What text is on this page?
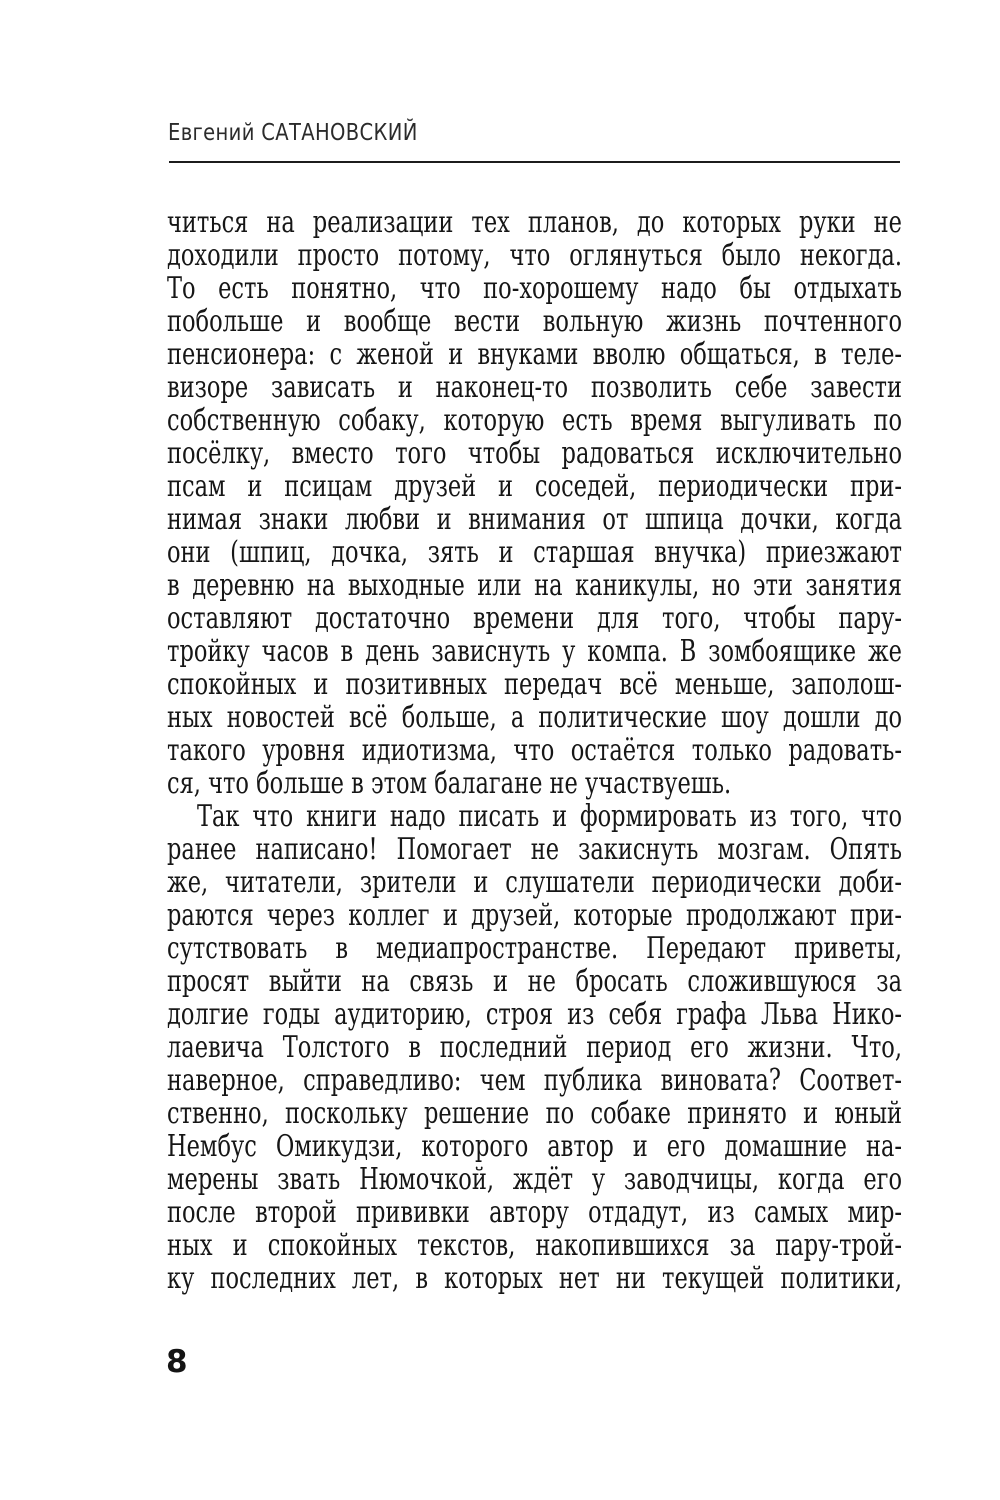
Евгений САТАНОВСКИЙ
читься на реализации тех планов, до которых руки не
доходили просто потому, что оглянуться было некогда.
То есть понятно, что по-хорошему надо бы отдыхать
побольше и вообще вести вольную жизнь почтенного
пенсионера: с женой и внуками вволю общаться, в теле-
визоре зависать и наконец-то позволить себе завести
собственную собаку, которую есть время выгуливать по
посёлку, вместо того чтобы радоваться исключительно
псам и псицам друзей и соседей, периодически при-
нимая знаки любви и внимания от шпица дочки, когда
они (шпиц, дочка, зять и старшая внучка) приезжают
в деревню на выходные или на каникулы, но эти занятия
оставляют достаточно времени для того, чтобы пару-
тройку часов в день зависнуть у компа. В зомбоящике же
спокойных и позитивных передач всё меньше, заполош-
ных новостей всё больше, а политические шоу дошли до
такого уровня идиотизма, что остаётся только радовать-
ся, что больше в этом балагане не участвуешь.
Так что книги надо писать и формировать из того, что
ранее написано! Помогает не закиснуть мозгам. Опять
же, читатели, зрители и слушатели периодически доби-
раются через коллег и друзей, которые продолжают при-
сутствовать в медиапространстве. Передают приветы,
просят выйти на связь и не бросать сложившуюся за
долгие годы аудиторию, строя из себя графа Льва Нико-
лаевича Толстого в последний период его жизни. Что,
наверное, справедливо: чем публика виновата? Соответ-
ственно, поскольку решение по собаке принято и юный
Нембус Омикудзи, которого автор и его домашние на-
мерены звать Нюмочкой, ждёт у заводчицы, когда его
после второй прививки автору отдадут, из самых мир-
ных и спокойных текстов, накопившихся за пару-трой-
ку последних лет, в которых нет ни текущей политики,
8
